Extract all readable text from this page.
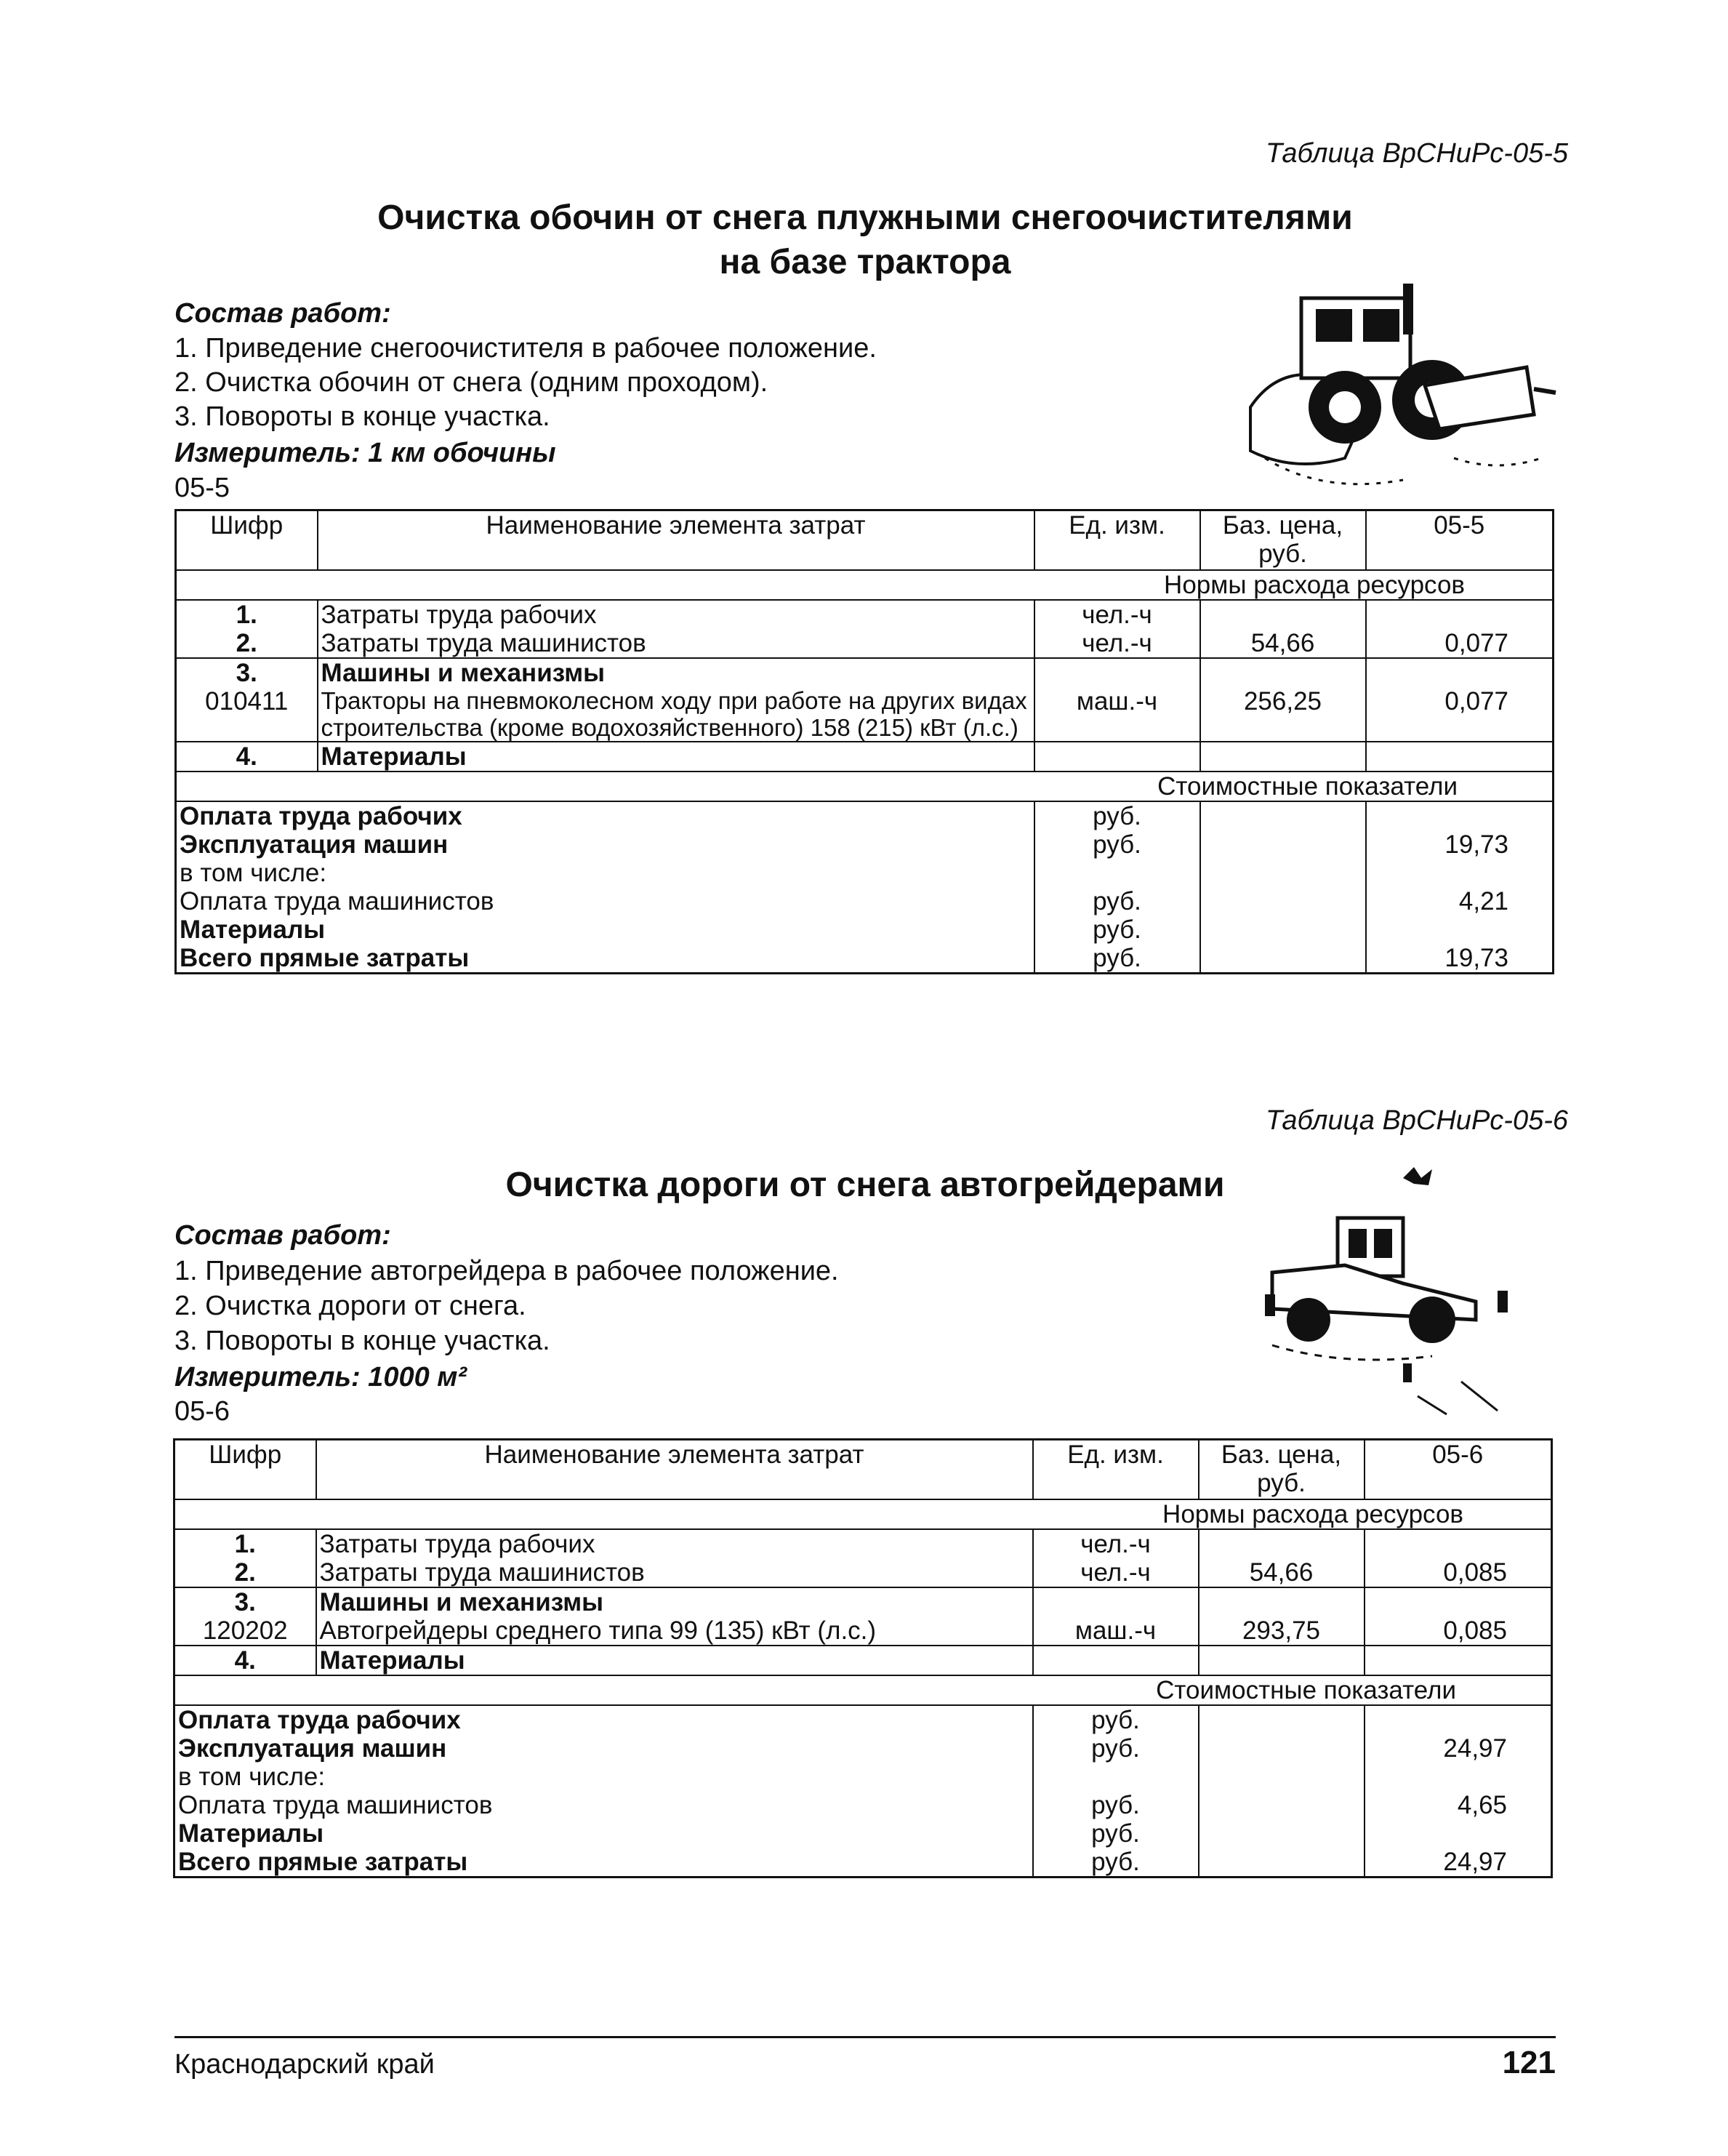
Таблица ВрСНиРс-05-5
Очистка обочин от снега плужными снегоочистителями
на базе трактора
Состав работ:
1. Приведение снегоочистителя в рабочее положение.
2. Очистка обочин от снега (одним проходом).
3. Повороты в конце участка.
Измеритель: 1 км обочины
05-5
Шифр	Наименование элемента затрат	Ед. изм.	Баз. цена, руб.	05-5
Нормы расхода ресурсов				
1.	Затраты труда рабочих	чел.-ч		
2.	Затраты труда машинистов	чел.-ч	54,66	0,077
3.	Машины и механизмы			
010411	Тракторы на пневмоколесном ходу при работе на других видах строительства (кроме водохозяйственного) 158 (215) кВт (л.с.)	маш.-ч	256,25	0,077
4.	Материалы			
Стоимостные показатели				
Оплата труда рабочих		руб.		
Эксплуатация машин		руб.		19,73
в том числе:				
Оплата труда машинистов		руб.		4,21
Материалы		руб.		
Всего прямые затраты		руб.		19,73
Таблица ВрСНиРс-05-6
Очистка дороги от снега автогрейдерами
Состав работ:
1. Приведение автогрейдера в рабочее положение.
2. Очистка дороги от снега.
3. Повороты в конце участка.
Измеритель: 1000 м²
05-6
Шифр	Наименование элемента затрат	Ед. изм.	Баз. цена, руб.	05-6
Нормы расхода ресурсов				
1.	Затраты труда рабочих	чел.-ч		
2.	Затраты труда машинистов	чел.-ч	54,66	0,085
3.	Машины и механизмы			
120202	Автогрейдеры среднего типа 99 (135) кВт (л.с.)	маш.-ч	293,75	0,085
4.	Материалы			
Стоимостные показатели				
Оплата труда рабочих		руб.		
Эксплуатация машин		руб.		24,97
в том числе:				
Оплата труда машинистов		руб.		4,65
Материалы		руб.		
Всего прямые затраты		руб.		24,97
Краснодарский край	121
